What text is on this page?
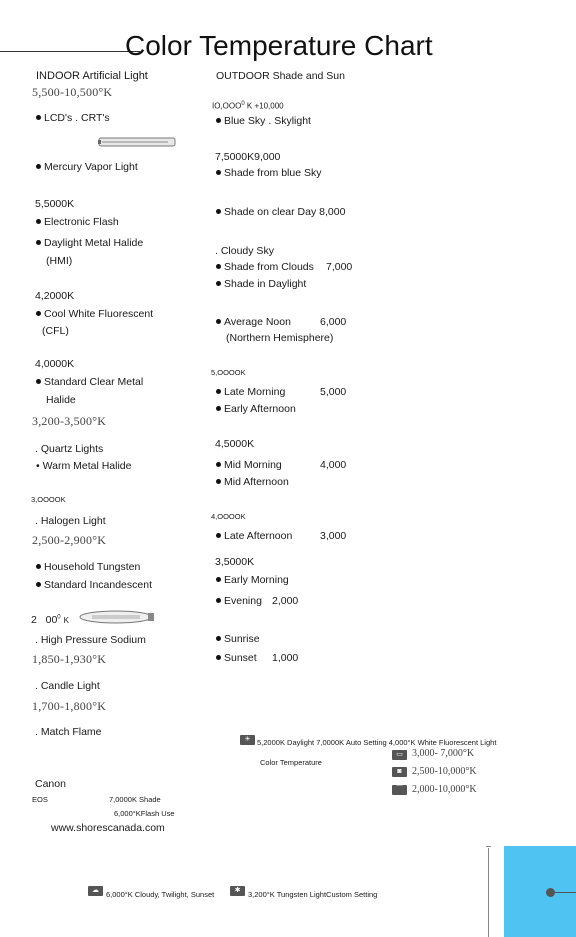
Color Temperature Chart
INDOOR Artificial Light
5,500-10,500°K
LCD's . CRT's
Mercury Vapor Light
5,5000K
Electronic Flash
Daylight Metal Halide
(HMI)
4,2000K
Cool White Fluorescent
(CFL)
4,0000K
Standard Clear Metal
Halide
3,200-3,500°K
. Quartz Lights
• Warm Metal Halide
3,OOOOK
. Halogen Light
2,500-2,900°K
Household Tungsten
Standard Incandescent
2 $00^0$ K
. High Pressure Sodium
1,850-1,930°K
. Candle Light
1,700-1,800°K
. Match Flame
Canon
EOS	7,0000K Shade
6,000°KFlash Use
www.shorescanada.com
OUTDOOR Shade and Sun
IO,OOO$^0$ K +10,000
Blue Sky . Skylight
7,5000K9,000
Shade from blue Sky
Shade on clear Day 8,000
. Cloudy Sky
Shade from Clouds 7,000
Shade in Daylight
Average Noon	6,000
(Northern Hemisphere)
5,OOOOK
Late Morning	5,000
Early Afternoon
4,5000K
Mid Morning	4,000
Mid Afternoon
4,OOOOK
Late Afternoon	3,000
3,5000K
Early Morning
Evening 2,000
Sunrise
Sunset 1,000
☀ 5,2000K Daylight 7,0000K Auto Setting 4,000°K White Fluorescent Light
Color Temperature
▭ 3,000- 7,000°K
◙	2,500-10,000°K
⌒ 2,000-10,000°K
☁ 6,000°K Cloudy, Twilight, Sunset	✱	3,200°K Tungsten LightCustom Setting
